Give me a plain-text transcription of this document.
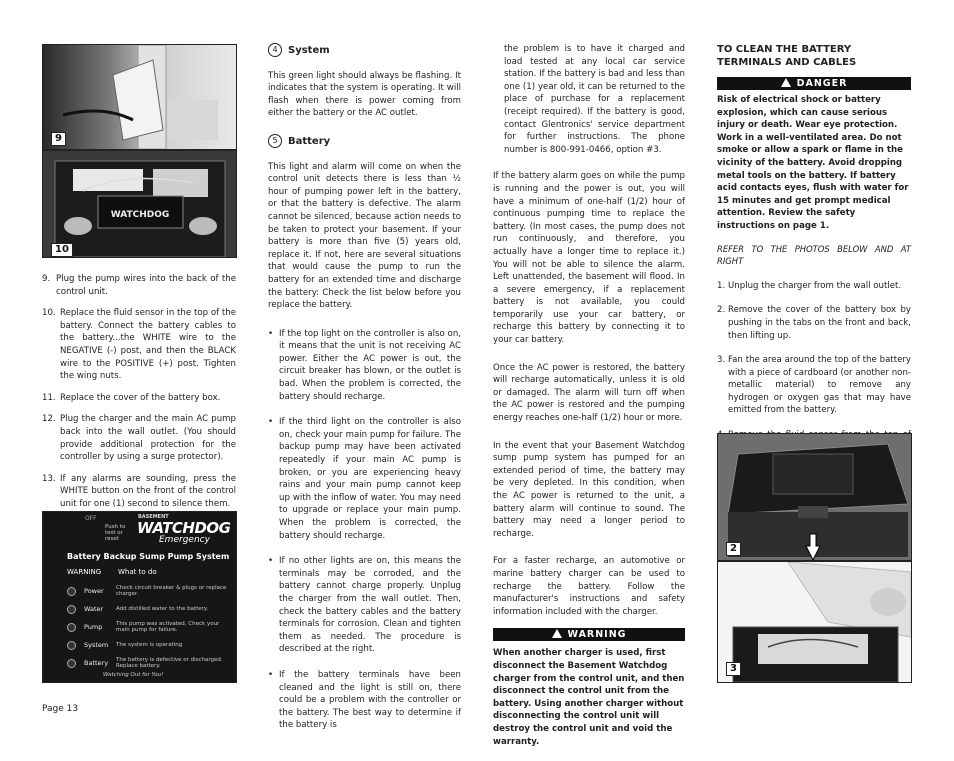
9
WATCHDOG
10
9. Plug the pump wires into the back of the control unit.
10. Replace the fluid sensor in the top of the battery. Connect the battery cables to the battery...the WHITE wire to the NEGATIVE (-) post, and then the BLACK wire to the POSITIVE (+) post. Tighten the wing nuts.
11. Replace the cover of the battery box.
12. Plug the charger and the main AC pump back into the wall outlet. (You should provide additional protection for the controller by using a surge protector).
13. If any alarms are sounding, press the WHITE button on the front of the control unit for one (1) second to silence them.
OFF
Push to test or reset
BASEMENT
WATCHDOG
Emergency
Battery Backup Sump Pump System
WARNING What to do
Power	Check circuit breaker & plugs or replace charger.
Water	Add distilled water to the battery.
Pump	This pump was activated. Check your main pump for failure.
System	The system is operating
Battery	The battery is defective or discharged. Replace battery.
Watching Out for You!
Page 13
4 System

This green light should always be flashing. It indicates that the system is operating. It will flash when there is power coming from either the battery or the AC outlet.

5 Battery

This light and alarm will come on when the control unit detects there is less than ½ hour of pumping power left in the battery, or that the battery is defective. The alarm cannot be silenced, because action needs to be taken to protect your basement. If your battery is more than five (5) years old, replace it. If not, here are several situations that would cause the pump to run the battery for an extended time and discharge the battery: Check the list below before you replace the battery.

• If the top light on the controller is also on, it means that the unit is not receiving AC power. Either the AC power is out, the circuit breaker has blown, or the outlet is bad. When the problem is corrected, the battery should recharge.
• If the third light on the controller is also on, check your main pump for failure. The backup pump may have been activated repeatedly if your main AC pump is broken, or you are experiencing heavy rains and your main pump cannot keep up with the inflow of water. You may need to upgrade or replace your main pump. When the problem is corrected, the battery should recharge.
• If no other lights are on, this means the terminals may be corroded, and the battery cannot charge properly. Unplug the charger from the wall outlet. Then, check the battery cables and the battery terminals for corrosion. Clean and tighten them as needed. The procedure is described at the right.
• If the battery terminals have been cleaned and the light is still on, there could be a problem with the controller or the battery. The best way to determine if the battery is

the problem is to have it charged and load tested at any local car service station. If the battery is bad and less than one (1) year old, it can be returned to the place of purchase for a replacement (receipt required). If the battery is good, contact Glentronics' service department for further instructions. The phone number is 800-991-0466, option #3.

If the battery alarm goes on while the pump is running and the power is out, you will have a minimum of one-half (1/2) hour of continuous pumping time to replace the battery. (In most cases, the pump does not run continuously, and therefore, you actually have a longer time to replace it.) You will not be able to silence the alarm. Left unattended, the basement will flood. In a severe emergency, if a replacement battery is not available, you could temporarily use your car battery, or recharge this battery by connecting it to your car battery.

Once the AC power is restored, the battery will recharge automatically, unless it is old or damaged. The alarm will turn off when the AC power is restored and the pumping energy reaches one-half (1/2) hour or more.

In the event that your Basement Watchdog sump pump system has pumped for an extended period of time, the battery may be very depleted. In this condition, when the AC power is returned to the unit, a battery alarm will continue to sound. The battery may need a longer period to recharge.

For a faster recharge, an automotive or marine battery charger can be used to recharge the battery. Follow the manufacturer's instructions and safety information included with the charger.

WARNING

When another charger is used, first disconnect the Basement Watchdog charger from the control unit, and then disconnect the control unit from the battery. Using another charger without disconnecting the control unit will destroy the control unit and void the warranty.

TO CLEAN THE BATTERY TERMINALS AND CABLES
DANGER

Risk of electrical shock or battery explosion, which can cause serious injury or death. Wear eye protection. Work in a well-ventilated area. Do not smoke or allow a spark or flame in the vicinity of the battery. Avoid dropping metal tools on the battery. If battery acid contacts eyes, flush with water for 15 minutes and get prompt medical attention. Review the safety instructions on page 1.

REFER TO THE PHOTOS BELOW AND AT RIGHT

1. Unplug the charger from the wall outlet.
2. Remove the cover of the battery box by pushing in the tabs on the front and back, then lifting up.
3. Fan the area around the top of the battery with a piece of cardboard (or another non-metallic material) to remove any hydrogen or oxygen gas that may have emitted from the battery.
2
3
